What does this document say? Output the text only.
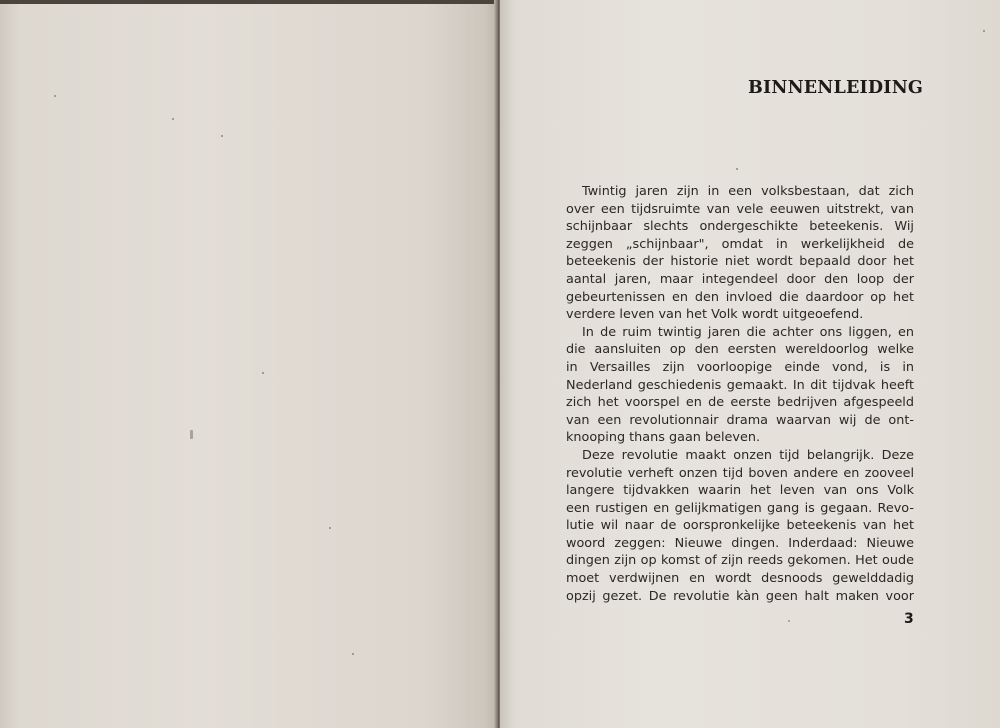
BINNENLEIDING
Twintig jaren zijn in een volksbestaan, dat zich
over een tijdsruimte van vele eeuwen uitstrekt, van
schijnbaar slechts ondergeschikte beteekenis. Wij
zeggen „schijnbaar", omdat in werkelijkheid de
beteekenis der historie niet wordt bepaald door het
aantal jaren, maar integendeel door den loop der
gebeurtenissen en den invloed die daardoor op het
verdere leven van het Volk wordt uitgeoefend.
In de ruim twintig jaren die achter ons liggen, en
die aansluiten op den eersten wereldoorlog welke
in Versailles zijn voorloopige einde vond, is in
Nederland geschiedenis gemaakt. In dit tijdvak heeft
zich het voorspel en de eerste bedrijven afgespeeld
van een revolutionnair drama waarvan wij de ont-
knooping thans gaan beleven.
Deze revolutie maakt onzen tijd belangrijk. Deze
revolutie verheft onzen tijd boven andere en zooveel
langere tijdvakken waarin het leven van ons Volk
een rustigen en gelijkmatigen gang is gegaan. Revo-
lutie wil naar de oorspronkelijke beteekenis van het
woord zeggen: Nieuwe dingen. Inderdaad: Nieuwe
dingen zijn op komst of zijn reeds gekomen. Het oude
moet verdwijnen en wordt desnoods gewelddadig
opzij gezet. De revolutie kàn geen halt maken voor
3
